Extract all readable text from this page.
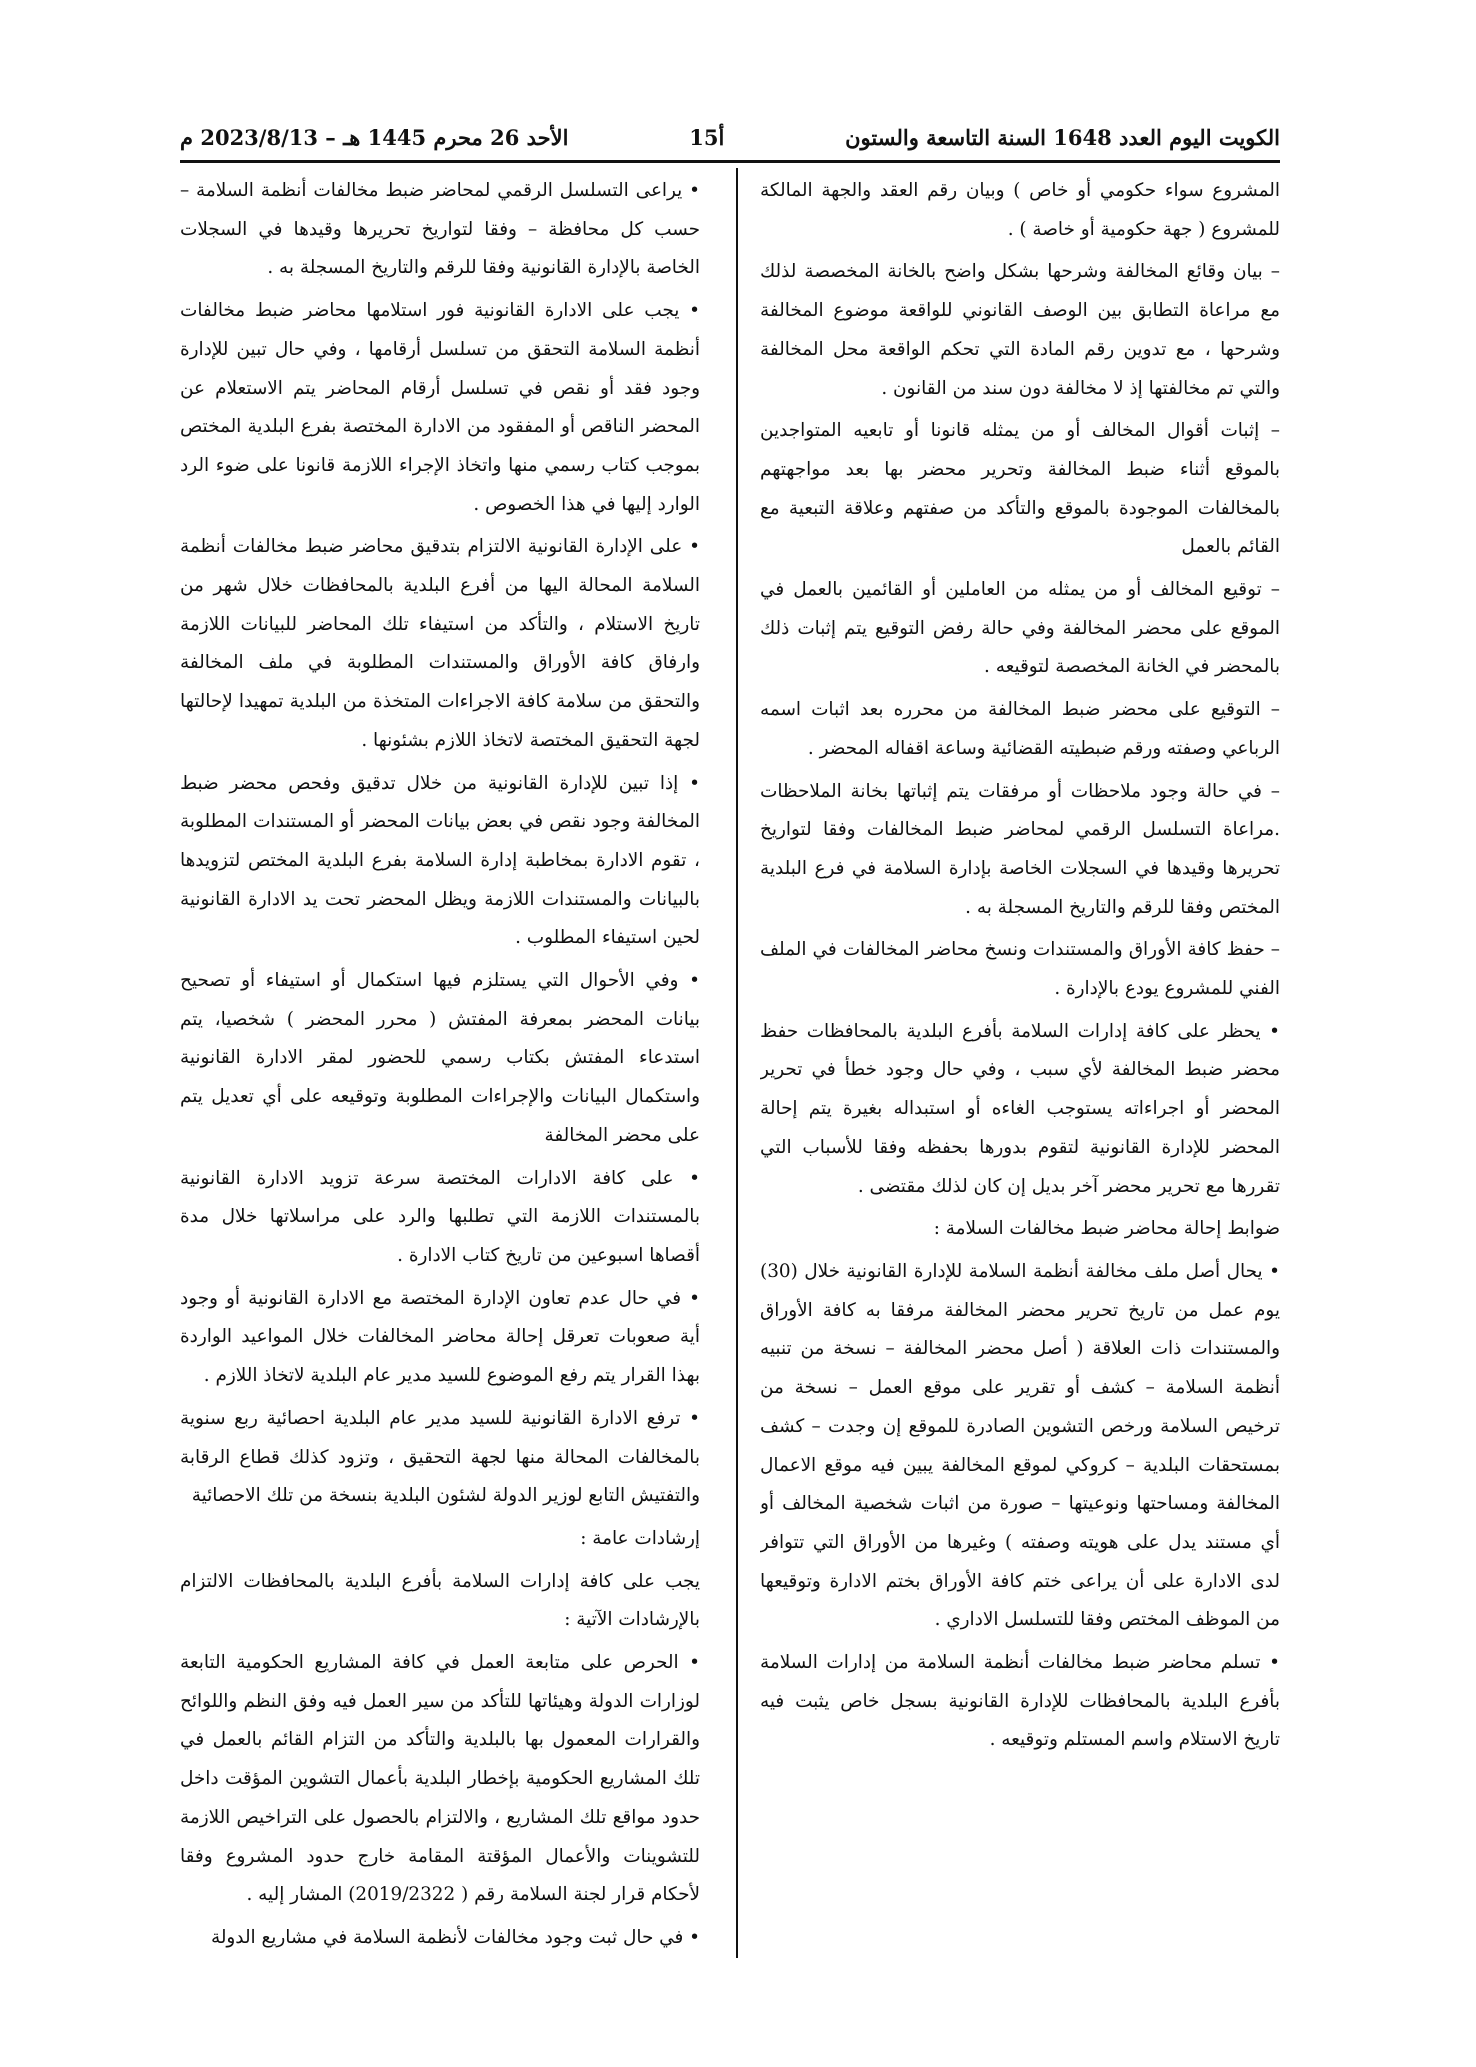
الكويت اليوم العدد 1648 السنة التاسعة والستون
أ15
الأحد 26 محرم 1445 هـ – 2023/8/13 م

المشروع سواء حكومي أو خاص ) وبيان رقم العقد والجهة المالكة للمشروع ( جهة حكومية أو خاصة ) .

– بيان وقائع المخالفة وشرحها بشكل واضح بالخانة المخصصة لذلك مع مراعاة التطابق بين الوصف القانوني للواقعة موضوع المخالفة وشرحها ، مع تدوين رقم المادة التي تحكم الواقعة محل المخالفة والتي تم مخالفتها إذ لا مخالفة دون سند من القانون .

– إثبات أقوال المخالف أو من يمثله قانونا أو تابعيه المتواجدين بالموقع أثناء ضبط المخالفة وتحرير محضر بها بعد مواجهتهم بالمخالفات الموجودة بالموقع والتأكد من صفتهم وعلاقة التبعية مع القائم بالعمل

– توقيع المخالف أو من يمثله من العاملين أو القائمين بالعمل في الموقع على محضر المخالفة وفي حالة رفض التوقيع يتم إثبات ذلك بالمحضر في الخانة المخصصة لتوقيعه .

– التوقيع على محضر ضبط المخالفة من محرره بعد اثبات اسمه الرباعي وصفته ورقم ضبطيته القضائية وساعة اقفاله المحضر .

– في حالة وجود ملاحظات أو مرفقات يتم إثباتها بخانة الملاحظات .مراعاة التسلسل الرقمي لمحاضر ضبط المخالفات وفقا لتواريخ تحريرها وقيدها في السجلات الخاصة بإدارة السلامة في فرع البلدية المختص وفقا للرقم والتاريخ المسجلة به .

– حفظ كافة الأوراق والمستندات ونسخ محاضر المخالفات في الملف الفني للمشروع يودع بالإدارة .

• يحظر على كافة إدارات السلامة بأفرع البلدية بالمحافظات حفظ محضر ضبط المخالفة لأي سبب ، وفي حال وجود خطأ في تحرير المحضر أو اجراءاته يستوجب الغاءه أو استبداله بغيرة يتم إحالة المحضر للإدارة القانونية لتقوم بدورها بحفظه وفقا للأسباب التي تقررها مع تحرير محضر آخر بديل إن كان لذلك مقتضى .

ضوابط إحالة محاضر ضبط مخالفات السلامة :

• يحال أصل ملف مخالفة أنظمة السلامة للإدارة القانونية خلال (30) يوم عمل من تاريخ تحرير محضر المخالفة مرفقا به كافة الأوراق والمستندات ذات العلاقة ( أصل محضر المخالفة – نسخة من تنبيه أنظمة السلامة – كشف أو تقرير على موقع العمل – نسخة من ترخيص السلامة ورخص التشوين الصادرة للموقع إن وجدت – كشف بمستحقات البلدية – كروكي لموقع المخالفة يبين فيه موقع الاعمال المخالفة ومساحتها ونوعيتها – صورة من اثبات شخصية المخالف أو أي مستند يدل على هويته وصفته ) وغيرها من الأوراق التي تتوافر لدى الادارة على أن يراعى ختم كافة الأوراق بختم الادارة وتوقيعها من الموظف المختص وفقا للتسلسل الاداري .

• تسلم محاضر ضبط مخالفات أنظمة السلامة من إدارات السلامة بأفرع البلدية بالمحافظات للإدارة القانونية بسجل خاص يثبت فيه تاريخ الاستلام واسم المستلم وتوقيعه .

• يراعى التسلسل الرقمي لمحاضر ضبط مخالفات أنظمة السلامة – حسب كل محافظة – وفقا لتواريخ تحريرها وقيدها في السجلات الخاصة بالإدارة القانونية وفقا للرقم والتاريخ المسجلة به .

• يجب على الادارة القانونية فور استلامها محاضر ضبط مخالفات أنظمة السلامة التحقق من تسلسل أرقامها ، وفي حال تبين للإدارة وجود فقد أو نقص في تسلسل أرقام المحاضر يتم الاستعلام عن المحضر الناقص أو المفقود من الادارة المختصة بفرع البلدية المختص بموجب كتاب رسمي منها واتخاذ الإجراء اللازمة قانونا على ضوء الرد الوارد إليها في هذا الخصوص .

• على الإدارة القانونية الالتزام بتدقيق محاضر ضبط مخالفات أنظمة السلامة المحالة اليها من أفرع البلدية بالمحافظات خلال شهر من تاريخ الاستلام ، والتأكد من استيفاء تلك المحاضر للبيانات اللازمة وارفاق كافة الأوراق والمستندات المطلوبة في ملف المخالفة والتحقق من سلامة كافة الاجراءات المتخذة من البلدية تمهيدا لإحالتها لجهة التحقيق المختصة لاتخاذ اللازم بشئونها .

• إذا تبين للإدارة القانونية من خلال تدقيق وفحص محضر ضبط المخالفة وجود نقص في بعض بيانات المحضر أو المستندات المطلوبة ، تقوم الادارة بمخاطبة إدارة السلامة بفرع البلدية المختص لتزويدها بالبيانات والمستندات اللازمة ويظل المحضر تحت يد الادارة القانونية لحين استيفاء المطلوب .

• وفي الأحوال التي يستلزم فيها استكمال أو استيفاء أو تصحيح بيانات المحضر بمعرفة المفتش ( محرر المحضر ) شخصيا، يتم استدعاء المفتش بكتاب رسمي للحضور لمقر الادارة القانونية واستكمال البيانات والإجراءات المطلوبة وتوقيعه على أي تعديل يتم على محضر المخالفة

• على كافة الادارات المختصة سرعة تزويد الادارة القانونية بالمستندات اللازمة التي تطلبها والرد على مراسلاتها خلال مدة أقصاها اسبوعين من تاريخ كتاب الادارة .

• في حال عدم تعاون الإدارة المختصة مع الادارة القانونية أو وجود أية صعوبات تعرقل إحالة محاضر المخالفات خلال المواعيد الواردة بهذا القرار يتم رفع الموضوع للسيد مدير عام البلدية لاتخاذ اللازم .

• ترفع الادارة القانونية للسيد مدير عام البلدية احصائية ربع سنوية بالمخالفات المحالة منها لجهة التحقيق ، وتزود كذلك قطاع الرقابة والتفتيش التابع لوزير الدولة لشئون البلدية بنسخة من تلك الاحصائية

إرشادات عامة :

يجب على كافة إدارات السلامة بأفرع البلدية بالمحافظات الالتزام بالإرشادات الآتية :

• الحرص على متابعة العمل في كافة المشاريع الحكومية التابعة لوزارات الدولة وهيئاتها للتأكد من سير العمل فيه وفق النظم واللوائح والقرارات المعمول بها بالبلدية والتأكد من التزام القائم بالعمل في تلك المشاريع الحكومية بإخطار البلدية بأعمال التشوين المؤقت داخل حدود مواقع تلك المشاريع ، والالتزام بالحصول على التراخيص اللازمة للتشوينات والأعمال المؤقتة المقامة خارج حدود المشروع وفقا لأحكام قرار لجنة السلامة رقم ( 2019/2322) المشار إليه .

• في حال ثبت وجود مخالفات لأنظمة السلامة في مشاريع الدولة
